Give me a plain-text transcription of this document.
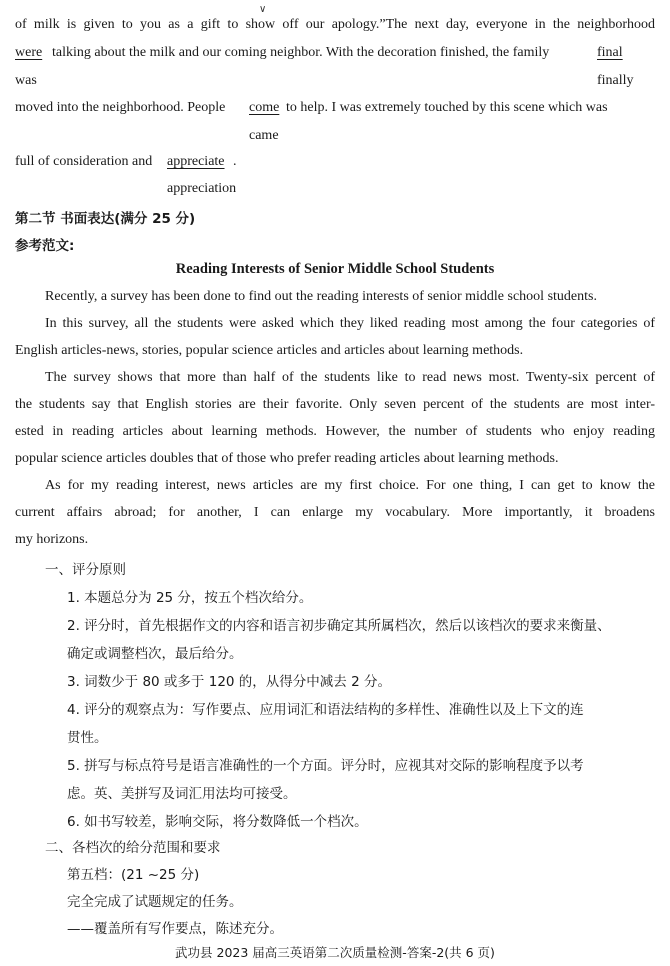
∨
of milk is given to you as a gift to show off our apology.”The next day, everyone in the neighborhood
were talking about the milk and our coming neighbor. With the decoration finished, the family	final
was	finally
moved into the neighborhood. People come to help. I was extremely touched by this scene which was
came
full of consideration and appreciate .
appreciation
第二节 书面表达(满分 25 分)
参考范文:
Reading Interests of Senior Middle School Students
Recently, a survey has been done to find out the reading interests of senior middle school students.
In this survey, all the students were asked which they liked reading most among the four categories of
English articles-news, stories, popular science articles and articles about learning methods.
The survey shows that more than half of the students like to read news most. Twenty-six percent of
the students say that English stories are their favorite. Only seven percent of the students are most inter-
ested in reading articles about learning methods. However, the number of students who enjoy reading
popular science articles doubles that of those who prefer reading articles about learning methods.
As for my reading interest, news articles are my first choice. For one thing, I can get to know the
current affairs abroad; for another, I can enlarge my vocabulary. More importantly, it broadens
my horizons.
一、评分原则
1. 本题总分为 25 分，按五个档次给分。
2. 评分时，首先根据作文的内容和语言初步确定其所属档次，然后以该档次的要求来衡量、
确定或调整档次，最后给分。
3. 词数少于 80 或多于 120 的，从得分中减去 2 分。
4. 评分的观察点为：写作要点、应用词汇和语法结构的多样性、准确性以及上下文的连
贯性。
5. 拼写与标点符号是语言准确性的一个方面。评分时，应视其对交际的影响程度予以考
虑。英、美拼写及词汇用法均可接受。
6. 如书写较差，影响交际，将分数降低一个档次。
二、各档次的给分范围和要求
第五档：(21 ~25 分)
完全完成了试题规定的任务。
——覆盖所有写作要点，陈述充分。
武功县 2023 届高三英语第二次质量检测-答案-2(共 6 页)
